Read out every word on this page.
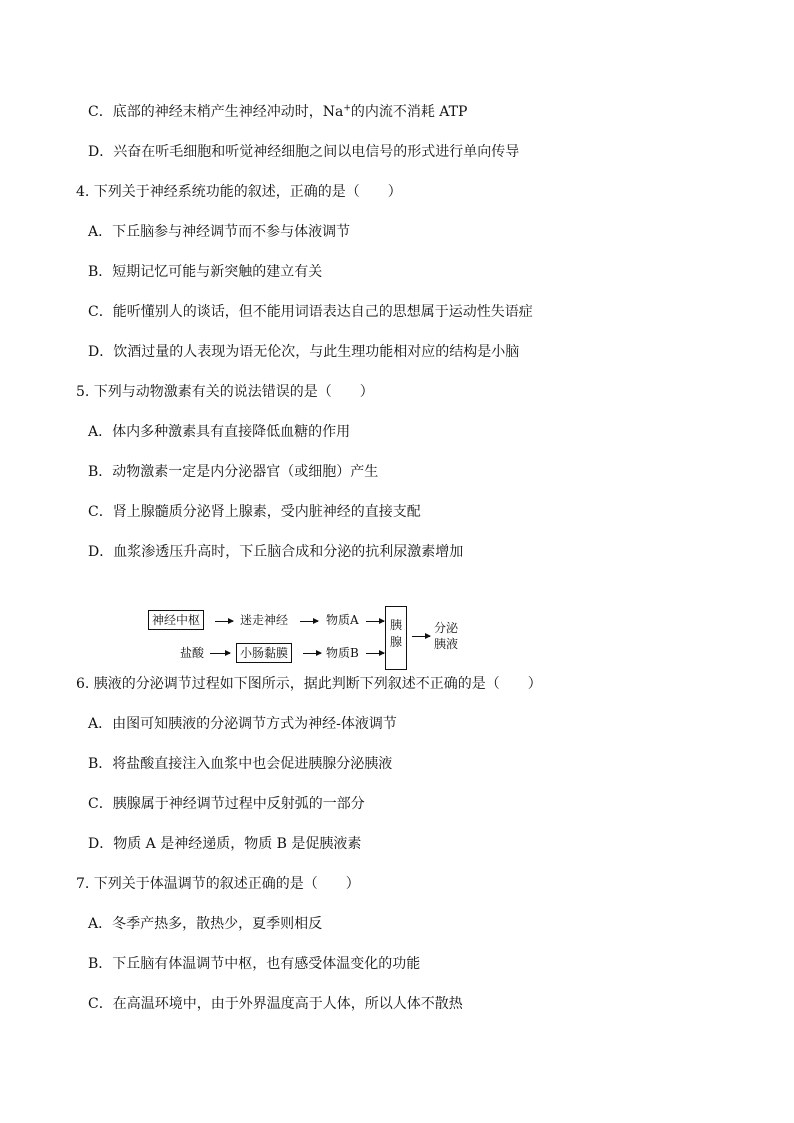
C．底部的神经末梢产生神经冲动时，Na+的内流不消耗 ATP
D．兴奋在听毛细胞和听觉神经细胞之间以电信号的形式进行单向传导
4. 下列关于神经系统功能的叙述，正确的是（　　）
A．下丘脑参与神经调节而不参与体液调节
B．短期记忆可能与新突触的建立有关
C．能听懂别人的谈话，但不能用词语表达自己的思想属于运动性失语症
D．饮酒过量的人表现为语无伦次，与此生理功能相对应的结构是小脑
5. 下列与动物激素有关的说法错误的是（　　）
A．体内多种激素具有直接降低血糖的作用
B．动物激素一定是内分泌器官（或细胞）产生
C．肾上腺髓质分泌肾上腺素，受内脏神经的直接支配
D．血浆渗透压升高时，下丘脑合成和分泌的抗利尿激素增加
神经中枢	迷走神经	物质A
盐酸	小肠黏膜	物质B
胰
腺
分泌
胰液
6. 胰液的分泌调节过程如下图所示，据此判断下列叙述不正确的是（　　）
A．由图可知胰液的分泌调节方式为神经-体液调节
B．将盐酸直接注入血浆中也会促进胰腺分泌胰液
C．胰腺属于神经调节过程中反射弧的一部分
D．物质 A 是神经递质，物质 B 是促胰液素
7. 下列关于体温调节的叙述正确的是（　　）
A．冬季产热多，散热少，夏季则相反
B．下丘脑有体温调节中枢，也有感受体温变化的功能
C．在高温环境中，由于外界温度高于人体，所以人体不散热
